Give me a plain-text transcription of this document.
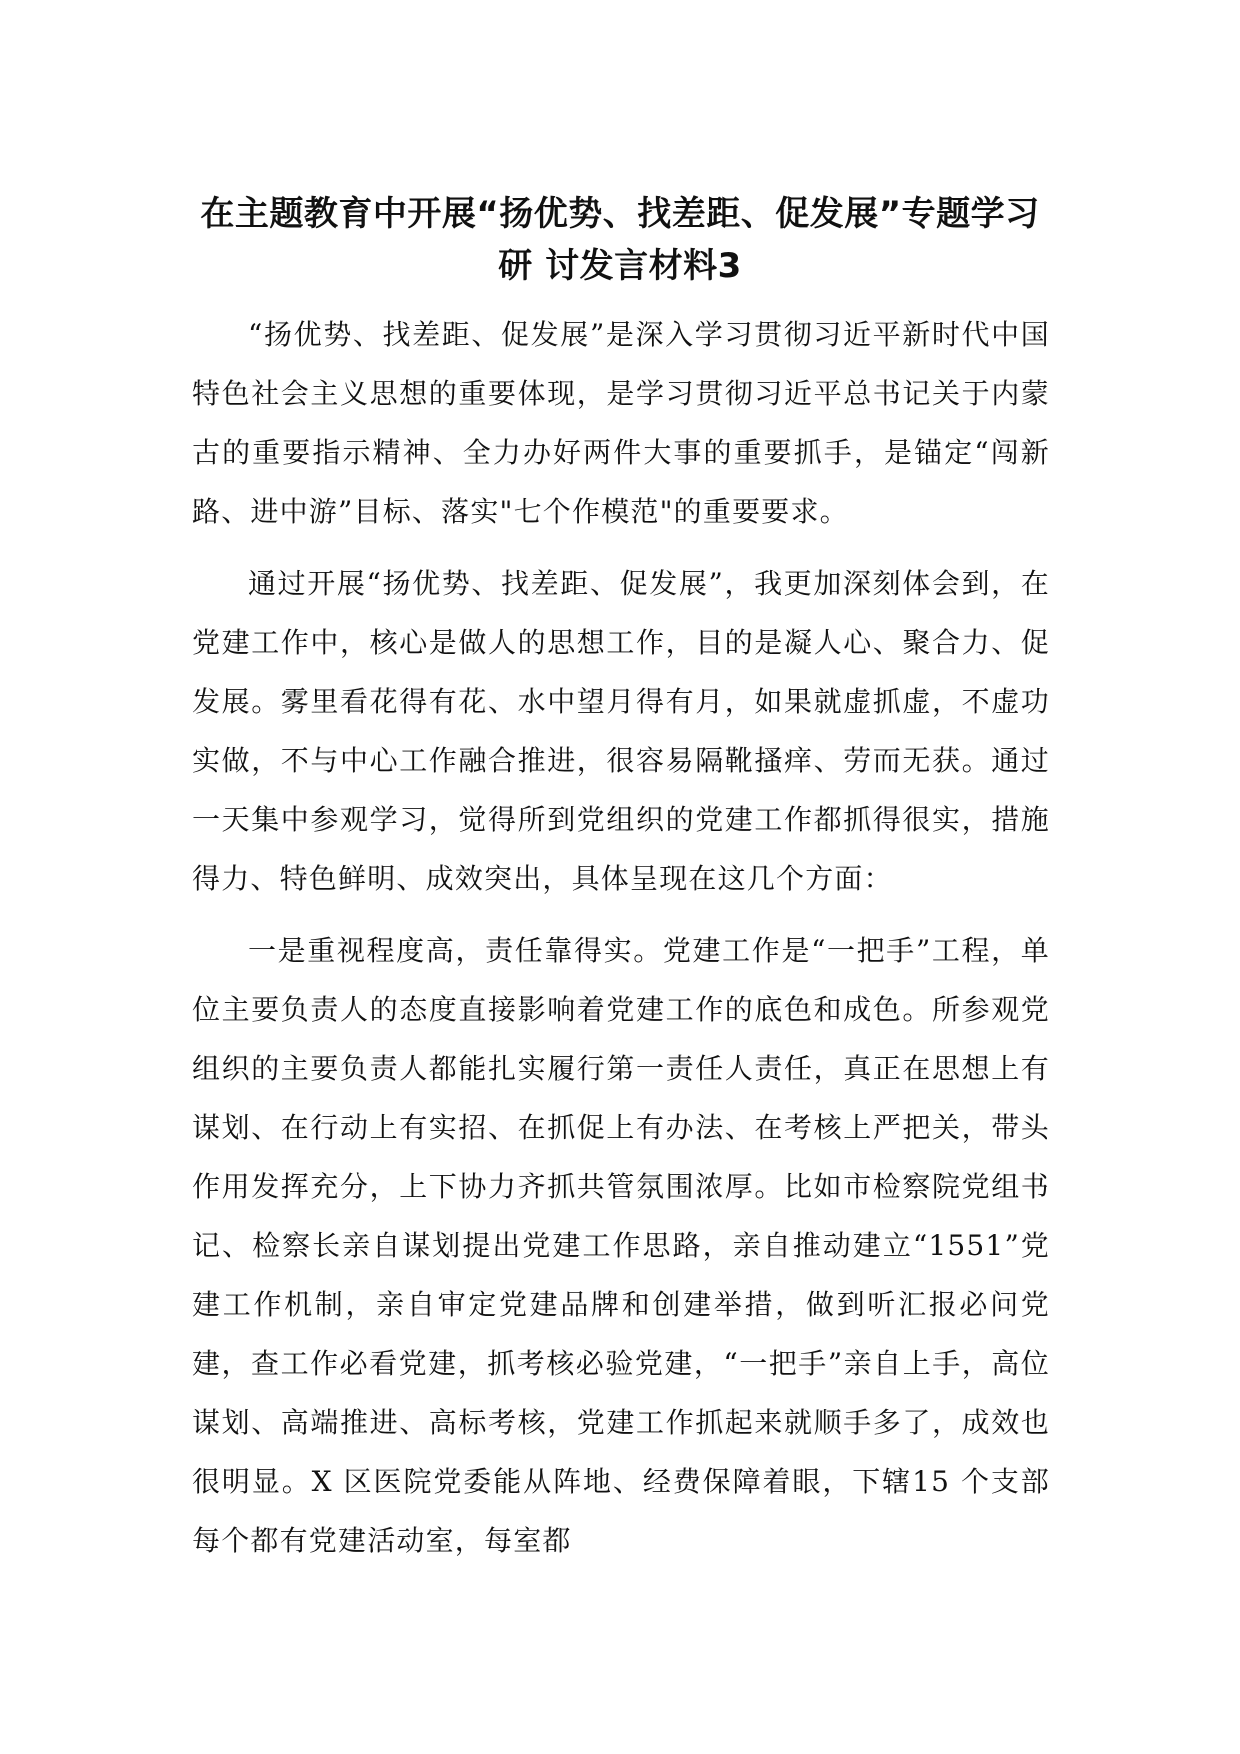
在主题教育中开展“扬优势、找差距、促发展”专题学习
研 讨发言材料3

“扬优势、找差距、促发展”是深入学习贯彻习近平新时代中国特色社会主义思想的重要体现，是学习贯彻习近平总书记关于内蒙古的重要指示精神、全力办好两件大事的重要抓手，是锚定“闯新路、进中游”目标、落实"七个作模范"的重要要求。

通过开展“扬优势、找差距、促发展”，我更加深刻体会到，在党建工作中，核心是做人的思想工作，目的是凝人心、聚合力、促发展。雾里看花得有花、水中望月得有月，如果就虚抓虚，不虚功实做，不与中心工作融合推进，很容易隔靴搔痒、劳而无获。通过一天集中参观学习，觉得所到党组织的党建工作都抓得很实，措施得力、特色鲜明、成效突出，具体呈现在这几个方面：

一是重视程度高，责任靠得实。党建工作是“一把手”工程，单位主要负责人的态度直接影响着党建工作的底色和成色。所参观党组织的主要负责人都能扎实履行第一责任人责任，真正在思想上有谋划、在行动上有实招、在抓促上有办法、在考核上严把关，带头作用发挥充分，上下协力齐抓共管氛围浓厚。比如市检察院党组书记、检察长亲自谋划提出党建工作思路，亲自推动建立“1551”党建工作机制，亲自审定党建品牌和创建举措，做到听汇报必问党建，查工作必看党建，抓考核必验党建，“一把手”亲自上手，高位谋划、高端推进、高标考核，党建工作抓起来就顺手多了，成效也很明显。X 区医院党委能从阵地、经费保障着眼，下辖15 个支部每个都有党建活动室，每室都
